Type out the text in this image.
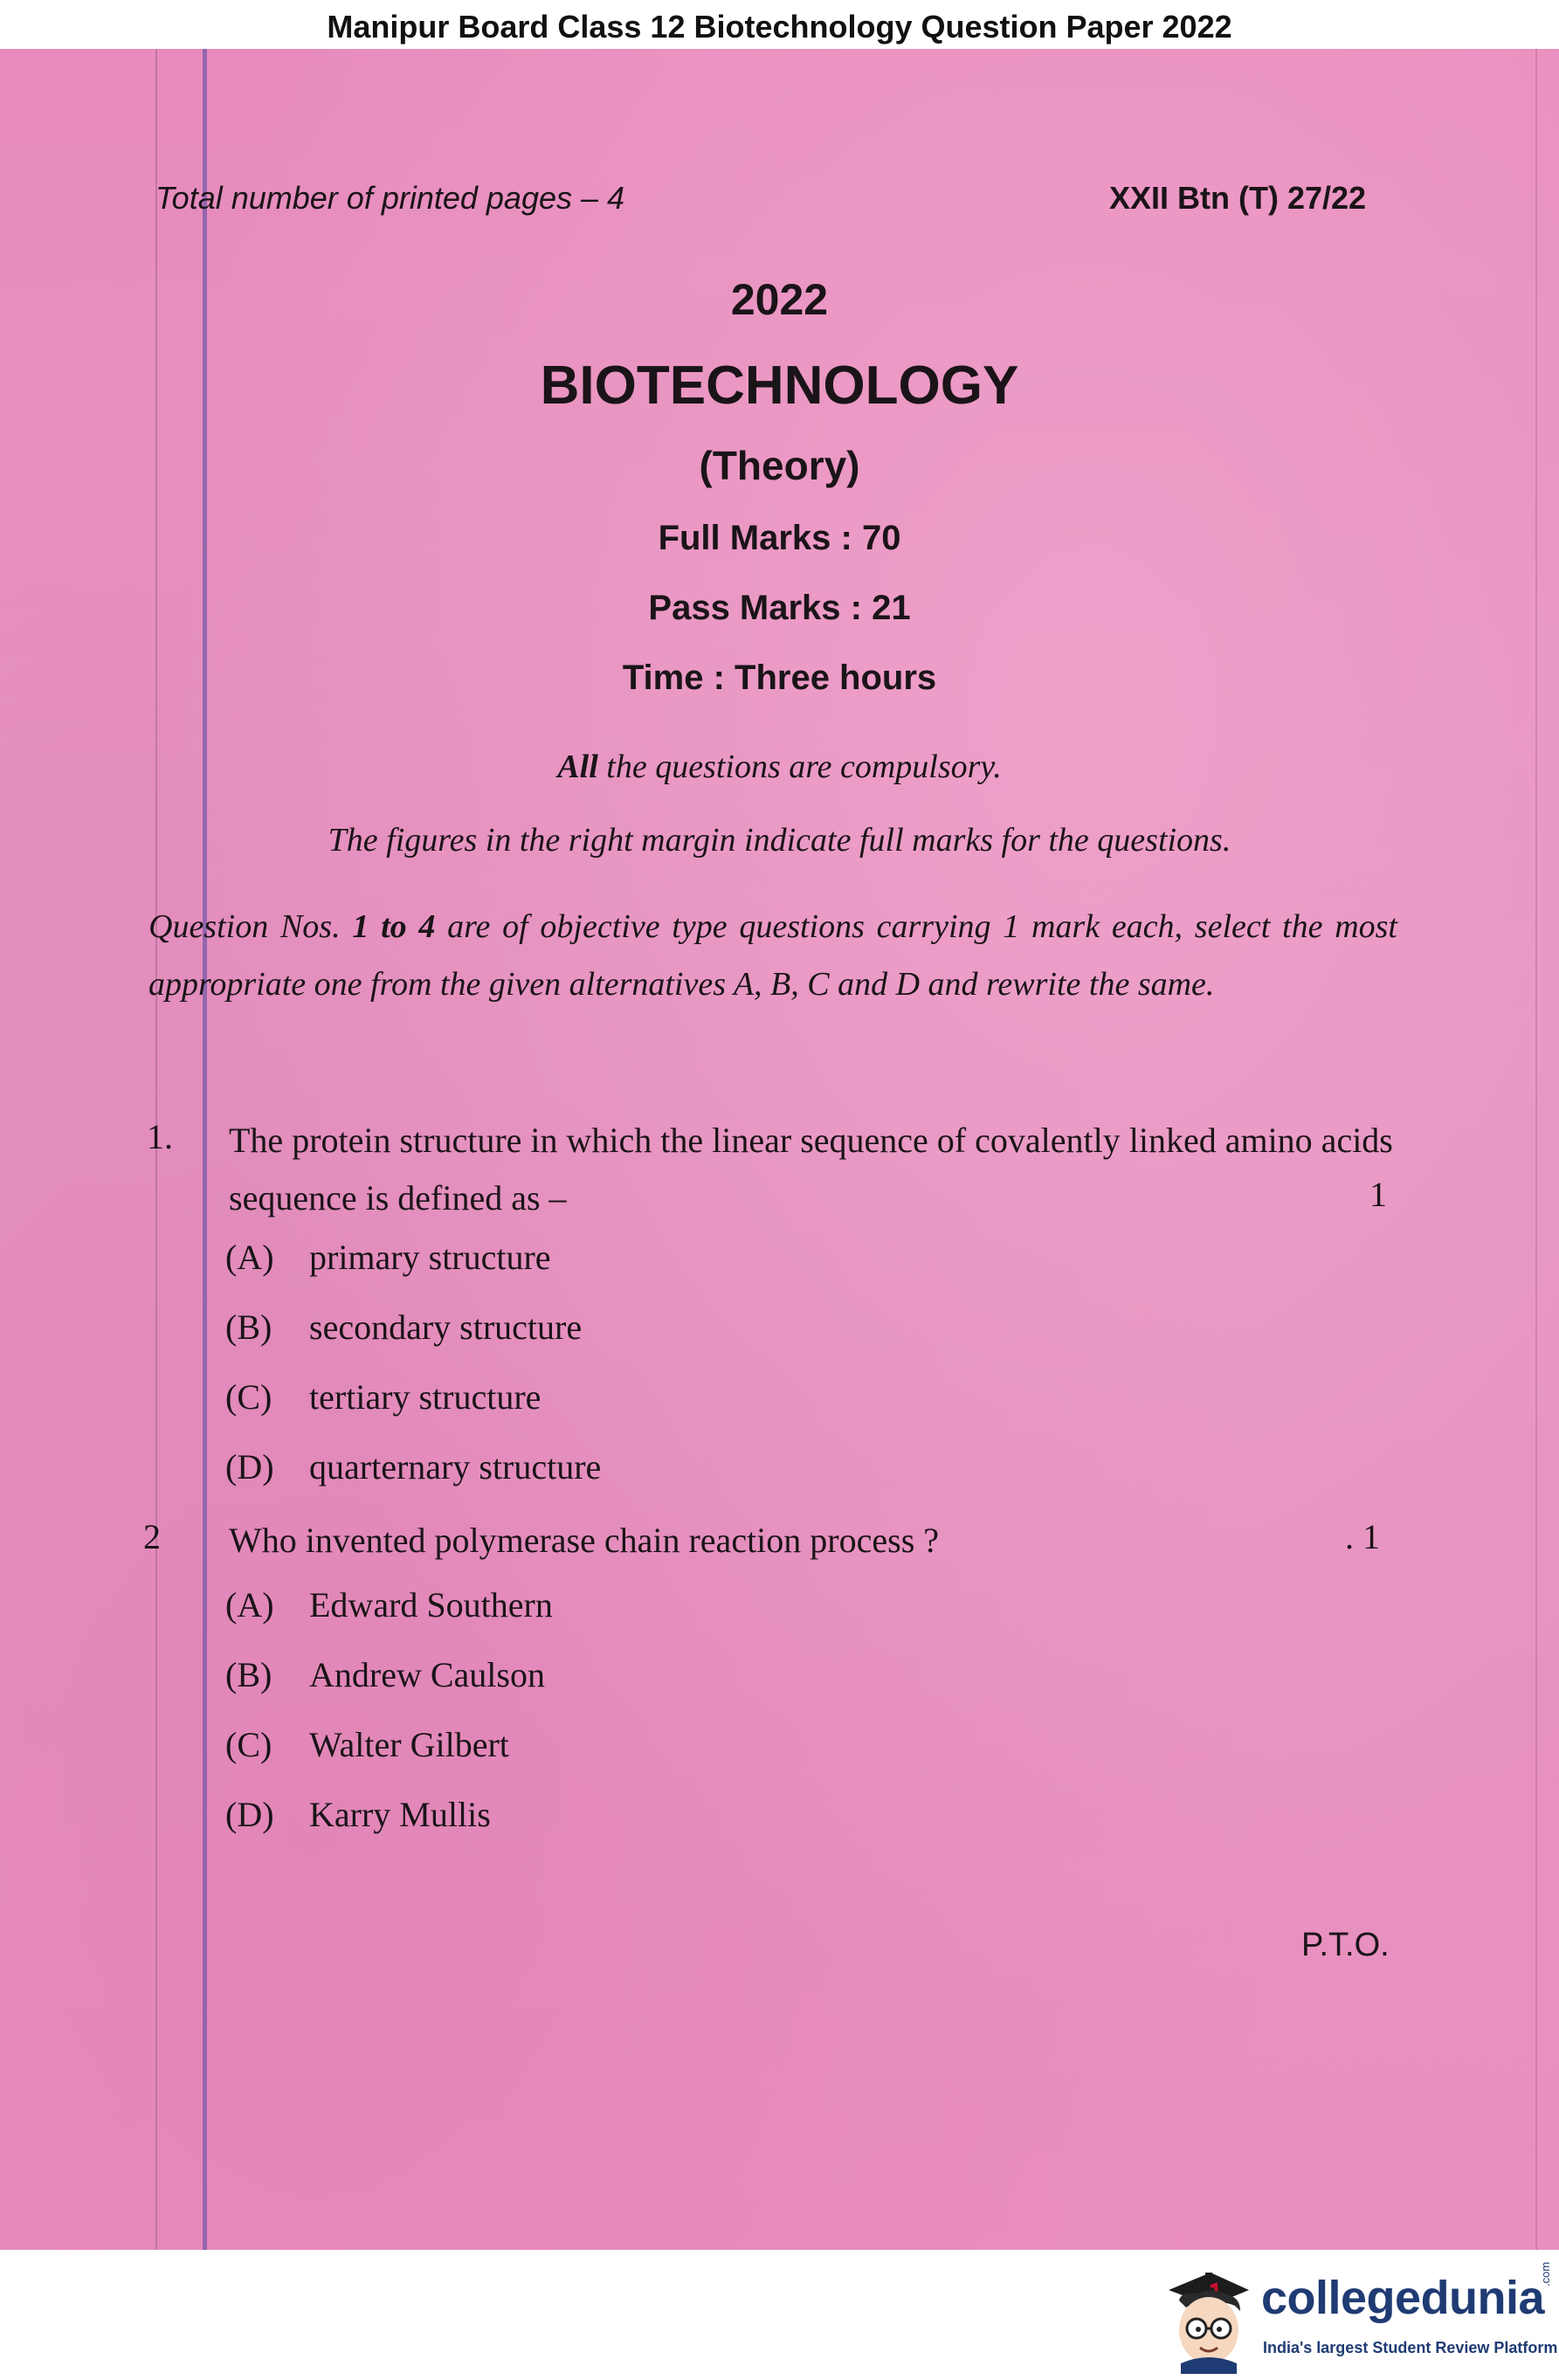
Manipur Board Class 12 Biotechnology Question Paper 2022
Total number of printed pages – 4	XXII Btn (T) 27/22
2022
BIOTECHNOLOGY
(Theory)
Full Marks : 70
Pass Marks : 21
Time : Three hours
All the questions are compulsory.
The figures in the right margin indicate full marks for the questions.
Question Nos. 1 to 4 are of objective type questions carrying 1 mark each, select the most appropriate one from the given alternatives A, B, C and D and rewrite the same.
1. The protein structure in which the linear sequence of covalently linked amino acids sequence is defined as –	1
(A) primary structure
(B) secondary structure
(C) tertiary structure
(D) quarternary structure
2 Who invented polymerase chain reaction process ?	. 1
(A) Edward Southern
(B) Andrew Caulson
(C) Walter Gilbert
(D) Karry Mullis
P.T.O.
collegedunia
.com
India's largest Student Review Platform
